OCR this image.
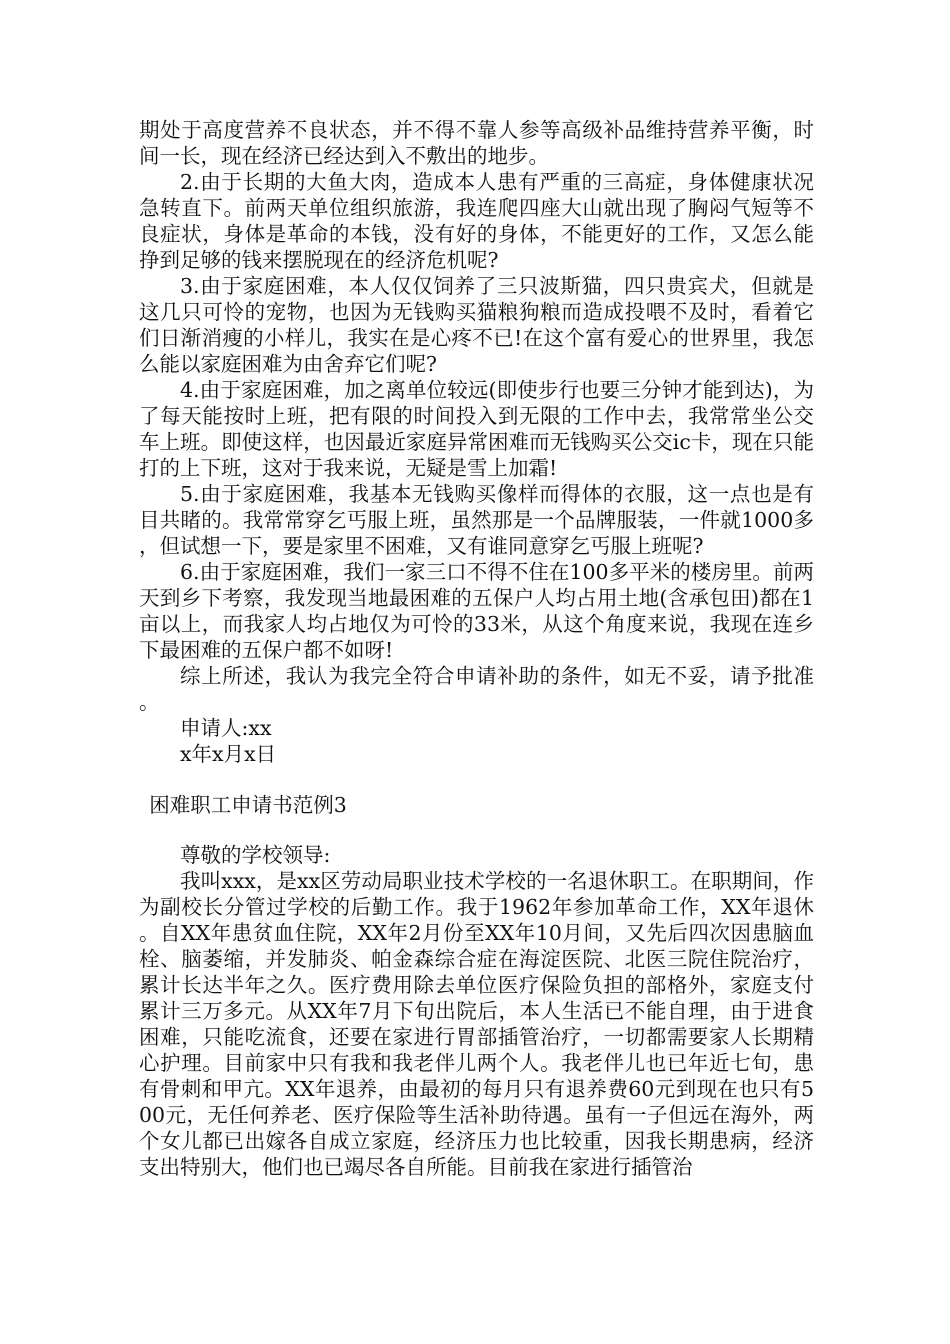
期处于高度营养不良状态，并不得不靠人参等高级补品维持营养平衡，时间一长，现在经济已经达到入不敷出的地步。

2.由于长期的大鱼大肉，造成本人患有严重的三高症，身体健康状况急转直下。前两天单位组织旅游，我连爬四座大山就出现了胸闷气短等不良症状，身体是革命的本钱，没有好的身体，不能更好的工作，又怎么能挣到足够的钱来摆脱现在的经济危机呢?

3.由于家庭困难，本人仅仅饲养了三只波斯猫，四只贵宾犬，但就是这几只可怜的宠物，也因为无钱购买猫粮狗粮而造成投喂不及时，看着它们日渐消瘦的小样儿，我实在是心疼不已!在这个富有爱心的世界里，我怎么能以家庭困难为由舍弃它们呢?

4.由于家庭困难，加之离单位较远(即使步行也要三分钟才能到达)，为了每天能按时上班，把有限的时间投入到无限的工作中去，我常常坐公交车上班。即使这样，也因最近家庭异常困难而无钱购买公交ic卡，现在只能打的上下班，这对于我来说，无疑是雪上加霜!

5.由于家庭困难，我基本无钱购买像样而得体的衣服，这一点也是有目共睹的。我常常穿乞丐服上班，虽然那是一个品牌服装，一件就1000多，但试想一下，要是家里不困难，又有谁同意穿乞丐服上班呢?

6.由于家庭困难，我们一家三口不得不住在100多平米的楼房里。前两天到乡下考察，我发现当地最困难的五保户人均占用土地(含承包田)都在1亩以上，而我家人均占地仅为可怜的33米，从这个角度来说，我现在连乡下最困难的五保户都不如呀!

综上所述，我认为我完全符合申请补助的条件，如无不妥，请予批准。

申请人:xx

x年x月x日

困难职工申请书范例3

尊敬的学校领导:

我叫xxx，是xx区劳动局职业技术学校的一名退休职工。在职期间，作为副校长分管过学校的后勤工作。我于1962年参加革命工作，XX年退休。自XX年患贫血住院，XX年2月份至XX年10月间，又先后四次因患脑血栓、脑萎缩，并发肺炎、帕金森综合症在海淀医院、北医三院住院治疗，累计长达半年之久。医疗费用除去单位医疗保险负担的部格外，家庭支付累计三万多元。从XX年7月下旬出院后，本人生活已不能自理，由于进食困难，只能吃流食，还要在家进行胃部插管治疗，一切都需要家人长期精心护理。目前家中只有我和我老伴儿两个人。我老伴儿也已年近七旬，患有骨刺和甲亢。XX年退养，由最初的每月只有退养费60元到现在也只有500元，无任何养老、医疗保险等生活补助待遇。虽有一子但远在海外，两个女儿都已出嫁各自成立家庭，经济压力也比较重，因我长期患病，经济支出特别大，他们也已竭尽各自所能。目前我在家进行插管治
